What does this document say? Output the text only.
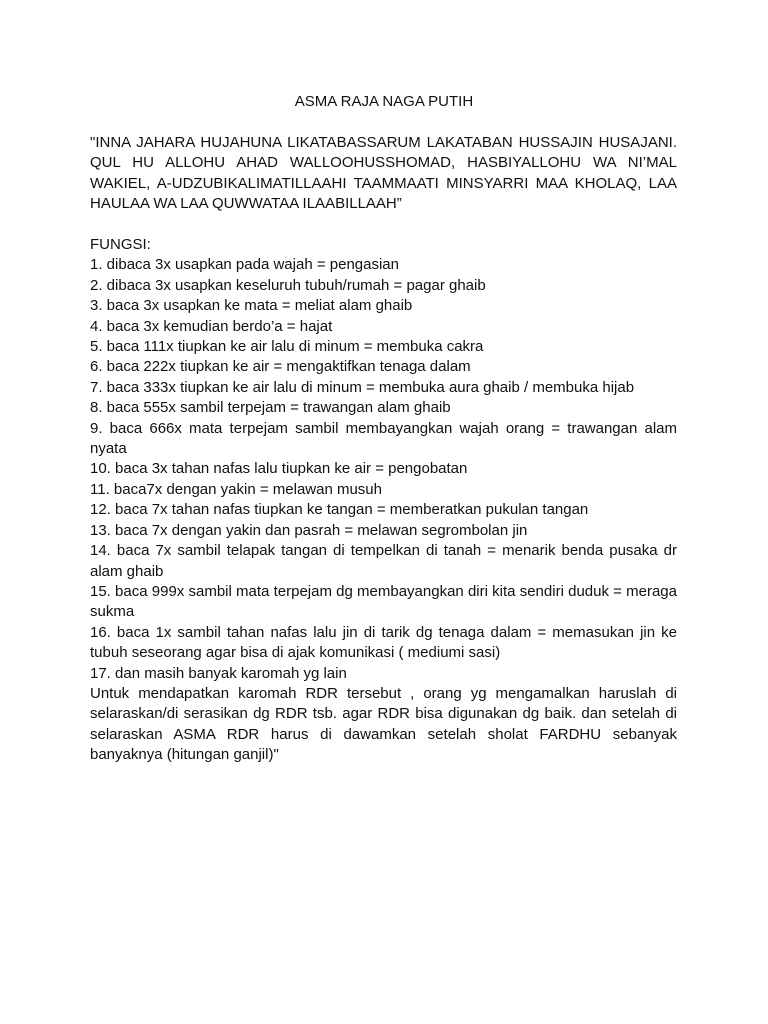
ASMA RAJA NAGA PUTIH
"INNA JAHARA HUJAHUNA LIKATABASSARUM LAKATABAN HUSSAJIN HUSAJANI. QUL HU ALLOHU AHAD WALLOOHUSSHOMAD, HASBIYALLOHU WA NI’MAL WAKIEL, A-UDZUBIKALIMATILLAAHI TAAMMAATI MINSYARRI MAA KHOLAQ, LAA HAULAA WA LAA QUWWATAA ILAABILLAAH”

FUNGSI:

1. dibaca 3x usapkan pada wajah = pengasian

2. dibaca 3x usapkan keseluruh tubuh/rumah = pagar ghaib

3. baca 3x usapkan ke mata = meliat alam ghaib

4. baca 3x kemudian berdo’a = hajat

5. baca 111x tiupkan ke air lalu di minum = membuka cakra

6. baca 222x tiupkan ke air = mengaktifkan tenaga dalam

7. baca 333x tiupkan ke air lalu di minum = membuka aura ghaib / membuka hijab

8. baca 555x sambil terpejam = trawangan alam ghaib

9. baca 666x mata terpejam sambil membayangkan wajah orang = trawangan alam nyata

10. baca 3x tahan nafas lalu tiupkan ke air = pengobatan

11. baca7x dengan yakin = melawan musuh

12. baca 7x tahan nafas tiupkan ke tangan = memberatkan pukulan tangan

13. baca 7x dengan yakin dan pasrah = melawan segrombolan jin

14. baca 7x sambil telapak tangan di tempelkan di tanah = menarik benda pusaka dr alam ghaib

15. baca 999x sambil mata terpejam dg membayangkan diri kita sendiri duduk = meraga sukma

16. baca 1x sambil tahan nafas lalu jin di tarik dg tenaga dalam = memasukan jin ke tubuh seseorang agar bisa di ajak komunikasi ( mediumi sasi)

17. dan masih banyak karomah yg lain

Untuk mendapatkan karomah RDR tersebut , orang yg mengamalkan haruslah di selaraskan/di serasikan dg RDR tsb. agar RDR bisa digunakan dg baik. dan setelah di selaraskan ASMA RDR harus di dawamkan setelah sholat FARDHU sebanyak banyaknya (hitungan ganjil)"
